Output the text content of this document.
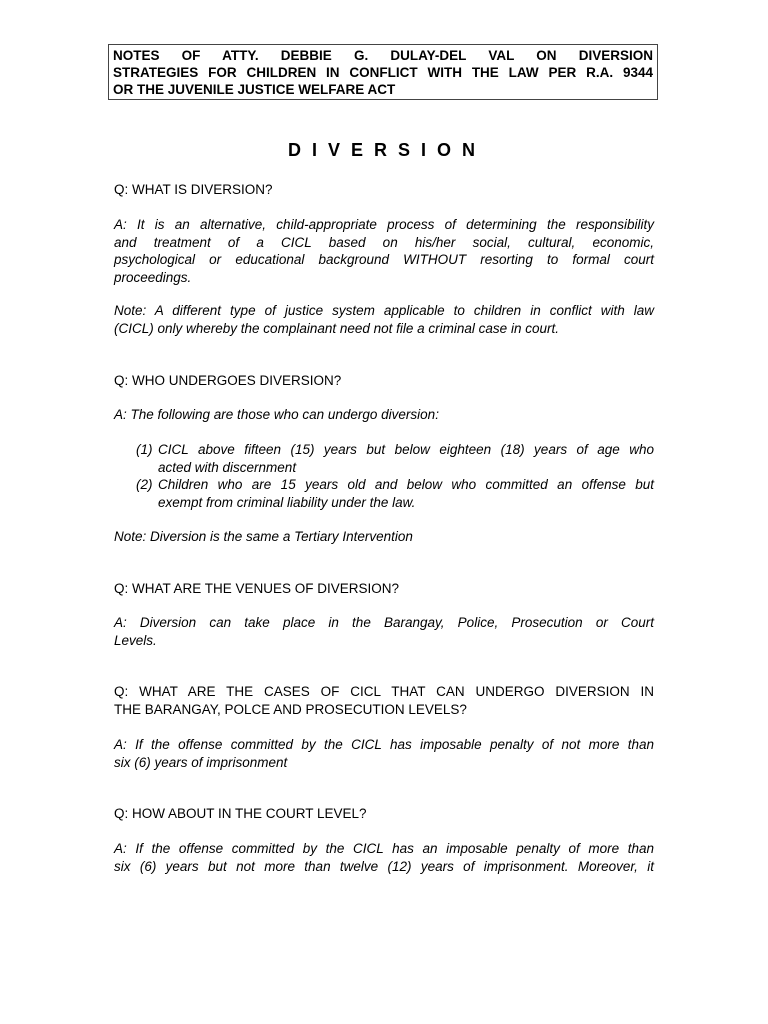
NOTES OF ATTY. DEBBIE G. DULAY-DEL VAL ON DIVERSION
STRATEGIES FOR CHILDREN IN CONFLICT WITH THE LAW PER R.A. 9344
OR THE JUVENILE JUSTICE WELFARE ACT
DIVERSION
Q: WHAT IS DIVERSION?
A: It is an alternative, child-appropriate process of determining the responsibility
and treatment of a CICL based on his/her social, cultural, economic,
psychological or educational background WITHOUT resorting to formal court
proceedings.
Note: A different type of justice system applicable to children in conflict with law
(CICL) only whereby the complainant need not file a criminal case in court.
Q: WHO UNDERGOES DIVERSION?
A: The following are those who can undergo diversion:
(1) CICL above fifteen (15) years but below eighteen (18) years of age who
acted with discernment
(2) Children who are 15 years old and below who committed an offense but
exempt from criminal liability under the law.
Note: Diversion is the same a Tertiary Intervention
Q: WHAT ARE THE VENUES OF DIVERSION?
A: Diversion can take place in the Barangay, Police, Prosecution or Court
Levels.
Q: WHAT ARE THE CASES OF CICL THAT CAN UNDERGO DIVERSION IN
THE BARANGAY, POLCE AND PROSECUTION LEVELS?
A: If the offense committed by the CICL has imposable penalty of not more than
six (6) years of imprisonment
Q: HOW ABOUT IN THE COURT LEVEL?
A: If the offense committed by the CICL has an imposable penalty of more than
six (6) years but not more than twelve (12) years of imprisonment. Moreover, it
